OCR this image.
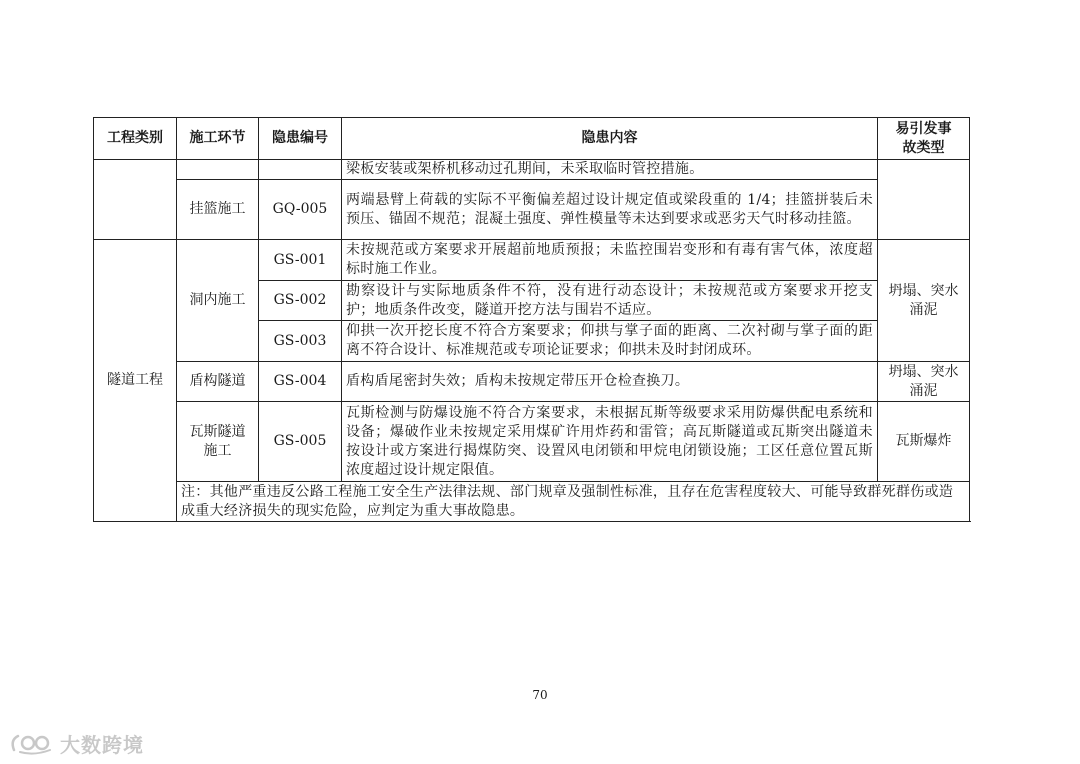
工程类别	施工环节	隐患编号	隐患内容	易引发事故类型
			梁板安装或架桥机移动过孔期间，未采取临时管控措施。	
	挂篮施工	GQ-005	两端悬臂上荷载的实际不平衡偏差超过设计规定值或梁段重的 1/4；挂篮拼装后未预压、锚固不规范；混凝土强度、弹性模量等未达到要求或恶劣天气时移动挂篮。	
隧道工程	洞内施工	GS-001	未按规范或方案要求开展超前地质预报；未监控围岩变形和有毒有害气体，浓度超标时施工作业。	坍塌、突水涌泥
		GS-002	勘察设计与实际地质条件不符，没有进行动态设计；未按规范或方案要求开挖支护；地质条件改变，隧道开挖方法与围岩不适应。	
		GS-003	仰拱一次开挖长度不符合方案要求；仰拱与掌子面的距离、二次衬砌与掌子面的距离不符合设计、标准规范或专项论证要求；仰拱未及时封闭成环。	
	盾构隧道	GS-004	盾构盾尾密封失效；盾构未按规定带压开仓检查换刀。	坍塌、突水涌泥
	瓦斯隧道施工	GS-005	瓦斯检测与防爆设施不符合方案要求，未根据瓦斯等级要求采用防爆供配电系统和设备；爆破作业未按规定采用煤矿许用炸药和雷管；高瓦斯隧道或瓦斯突出隧道未按设计或方案进行揭煤防突、设置风电闭锁和甲烷电闭锁设施；工区任意位置瓦斯浓度超过设计规定限值。	瓦斯爆炸
	注：其他严重违反公路工程施工安全生产法律法规、部门规章及强制性标准，且存在危害程度较大、可能导致群死群伤或造成重大经济损失的现实危险，应判定为重大事故隐患。			
70
大数跨境
